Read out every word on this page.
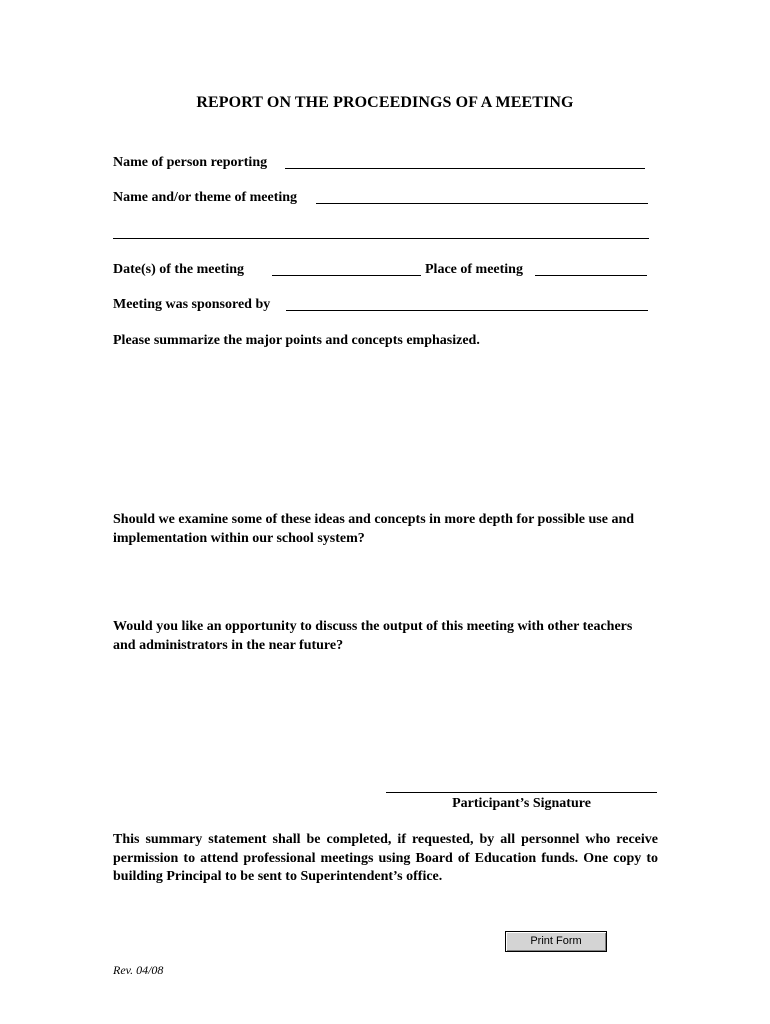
REPORT ON THE PROCEEDINGS OF A MEETING
Name of person reporting
Name and/or theme of meeting
Date(s) of the meeting	Place of meeting
Meeting was sponsored by
Please summarize the major points and concepts emphasized.
Should we examine some of these ideas and concepts in more depth for possible use and implementation within our school system?
Would you like an opportunity to discuss the output of this meeting with other teachers and administrators in the near future?
Participant’s Signature
This summary statement shall be completed, if requested, by all personnel who receive permission to attend professional meetings using Board of Education funds. One copy to building Principal to be sent to Superintendent’s office.
Print Form
Rev. 04/08
